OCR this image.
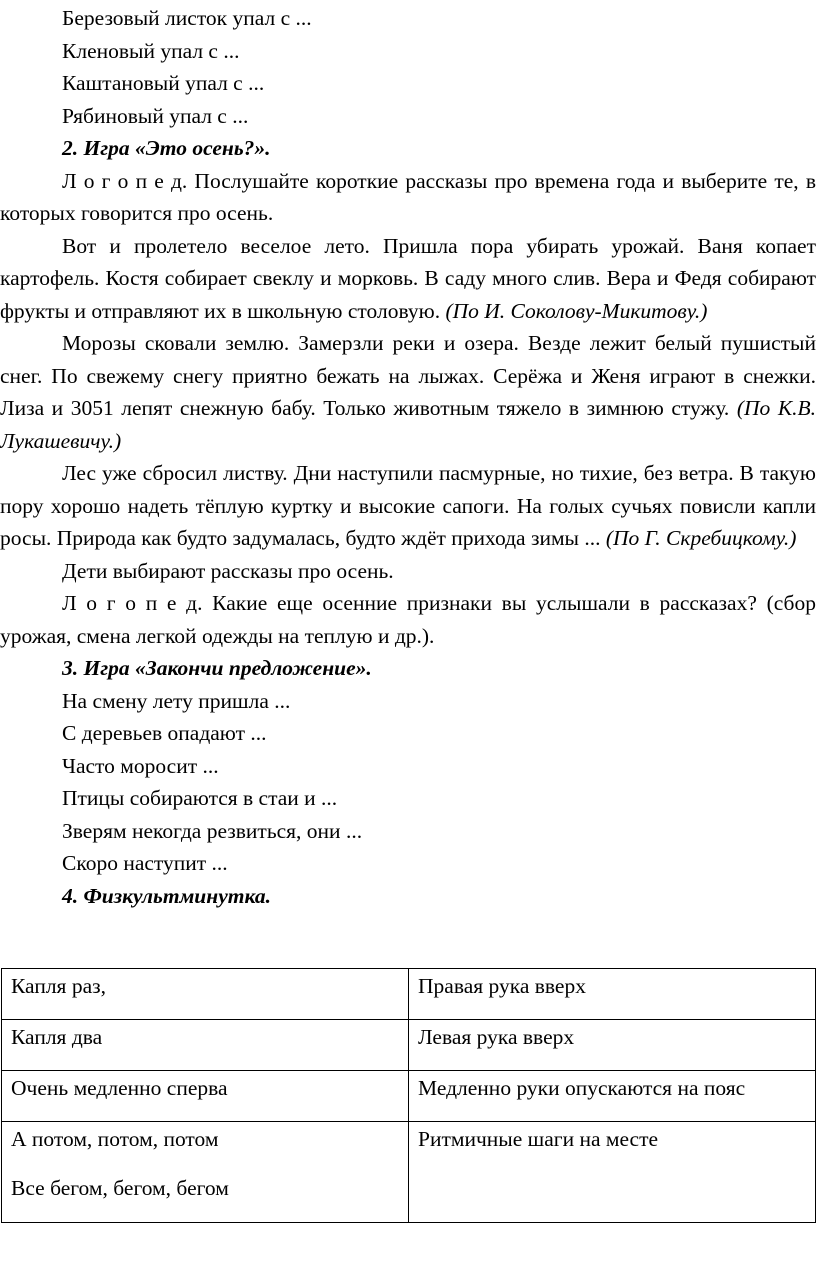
Березовый листок упал с ...

Кленовый упал с ...

Каштановый упал с ...

Рябиновый упал с ...

2. Игра «Это осень?».

Л о г о п е д. Послушайте короткие рассказы про времена года и выберите те, в которых говорится про осень.

Вот и пролетело веселое лето. Пришла пора убирать урожай. Ваня копает картофель. Костя собирает свеклу и морковь. В саду много слив. Вера и Федя собирают фрукты и отправляют их в школьную столовую. (По И. Соколову-Микитову.)

Морозы сковали землю. Замерзли реки и озера. Везде лежит белый пушистый снег. По свежему снегу приятно бежать на лыжах. Серёжа и Женя играют в снежки. Лиза и 3051 лепят снежную бабу. Только животным тяжело в зимнюю стужу. (По К.В. Лукашевичу.)

Лес уже сбросил листву. Дни наступили пасмурные, но тихие, без ветра. В такую пору хорошо надеть тёплую куртку и высокие сапоги. На голых сучьях повисли капли росы. Природа как будто задумалась, будто ждёт прихода зимы ... (По Г. Скребицкому.)

Дети выбирают рассказы про осень.

Л о г о п е д. Какие еще осенние признаки вы услышали в рассказах? (сбор урожая, смена легкой одежды на теплую и др.).

3. Игра «Закончи предложение».

На смену лету пришла ...

С деревьев опадают ...

Часто моросит ...

Птицы собираются в стаи и ...

Зверям некогда резвиться, они ...

Скоро наступит ...

4. Физкультминутка.

Капля раз,	Правая рука вверх
Капля два	Левая рука вверх
Очень медленно сперва	Медленно руки опускаются на пояс
А потом, потом, потом
Все бегом, бегом, бегом	Ритмичные шаги на месте
